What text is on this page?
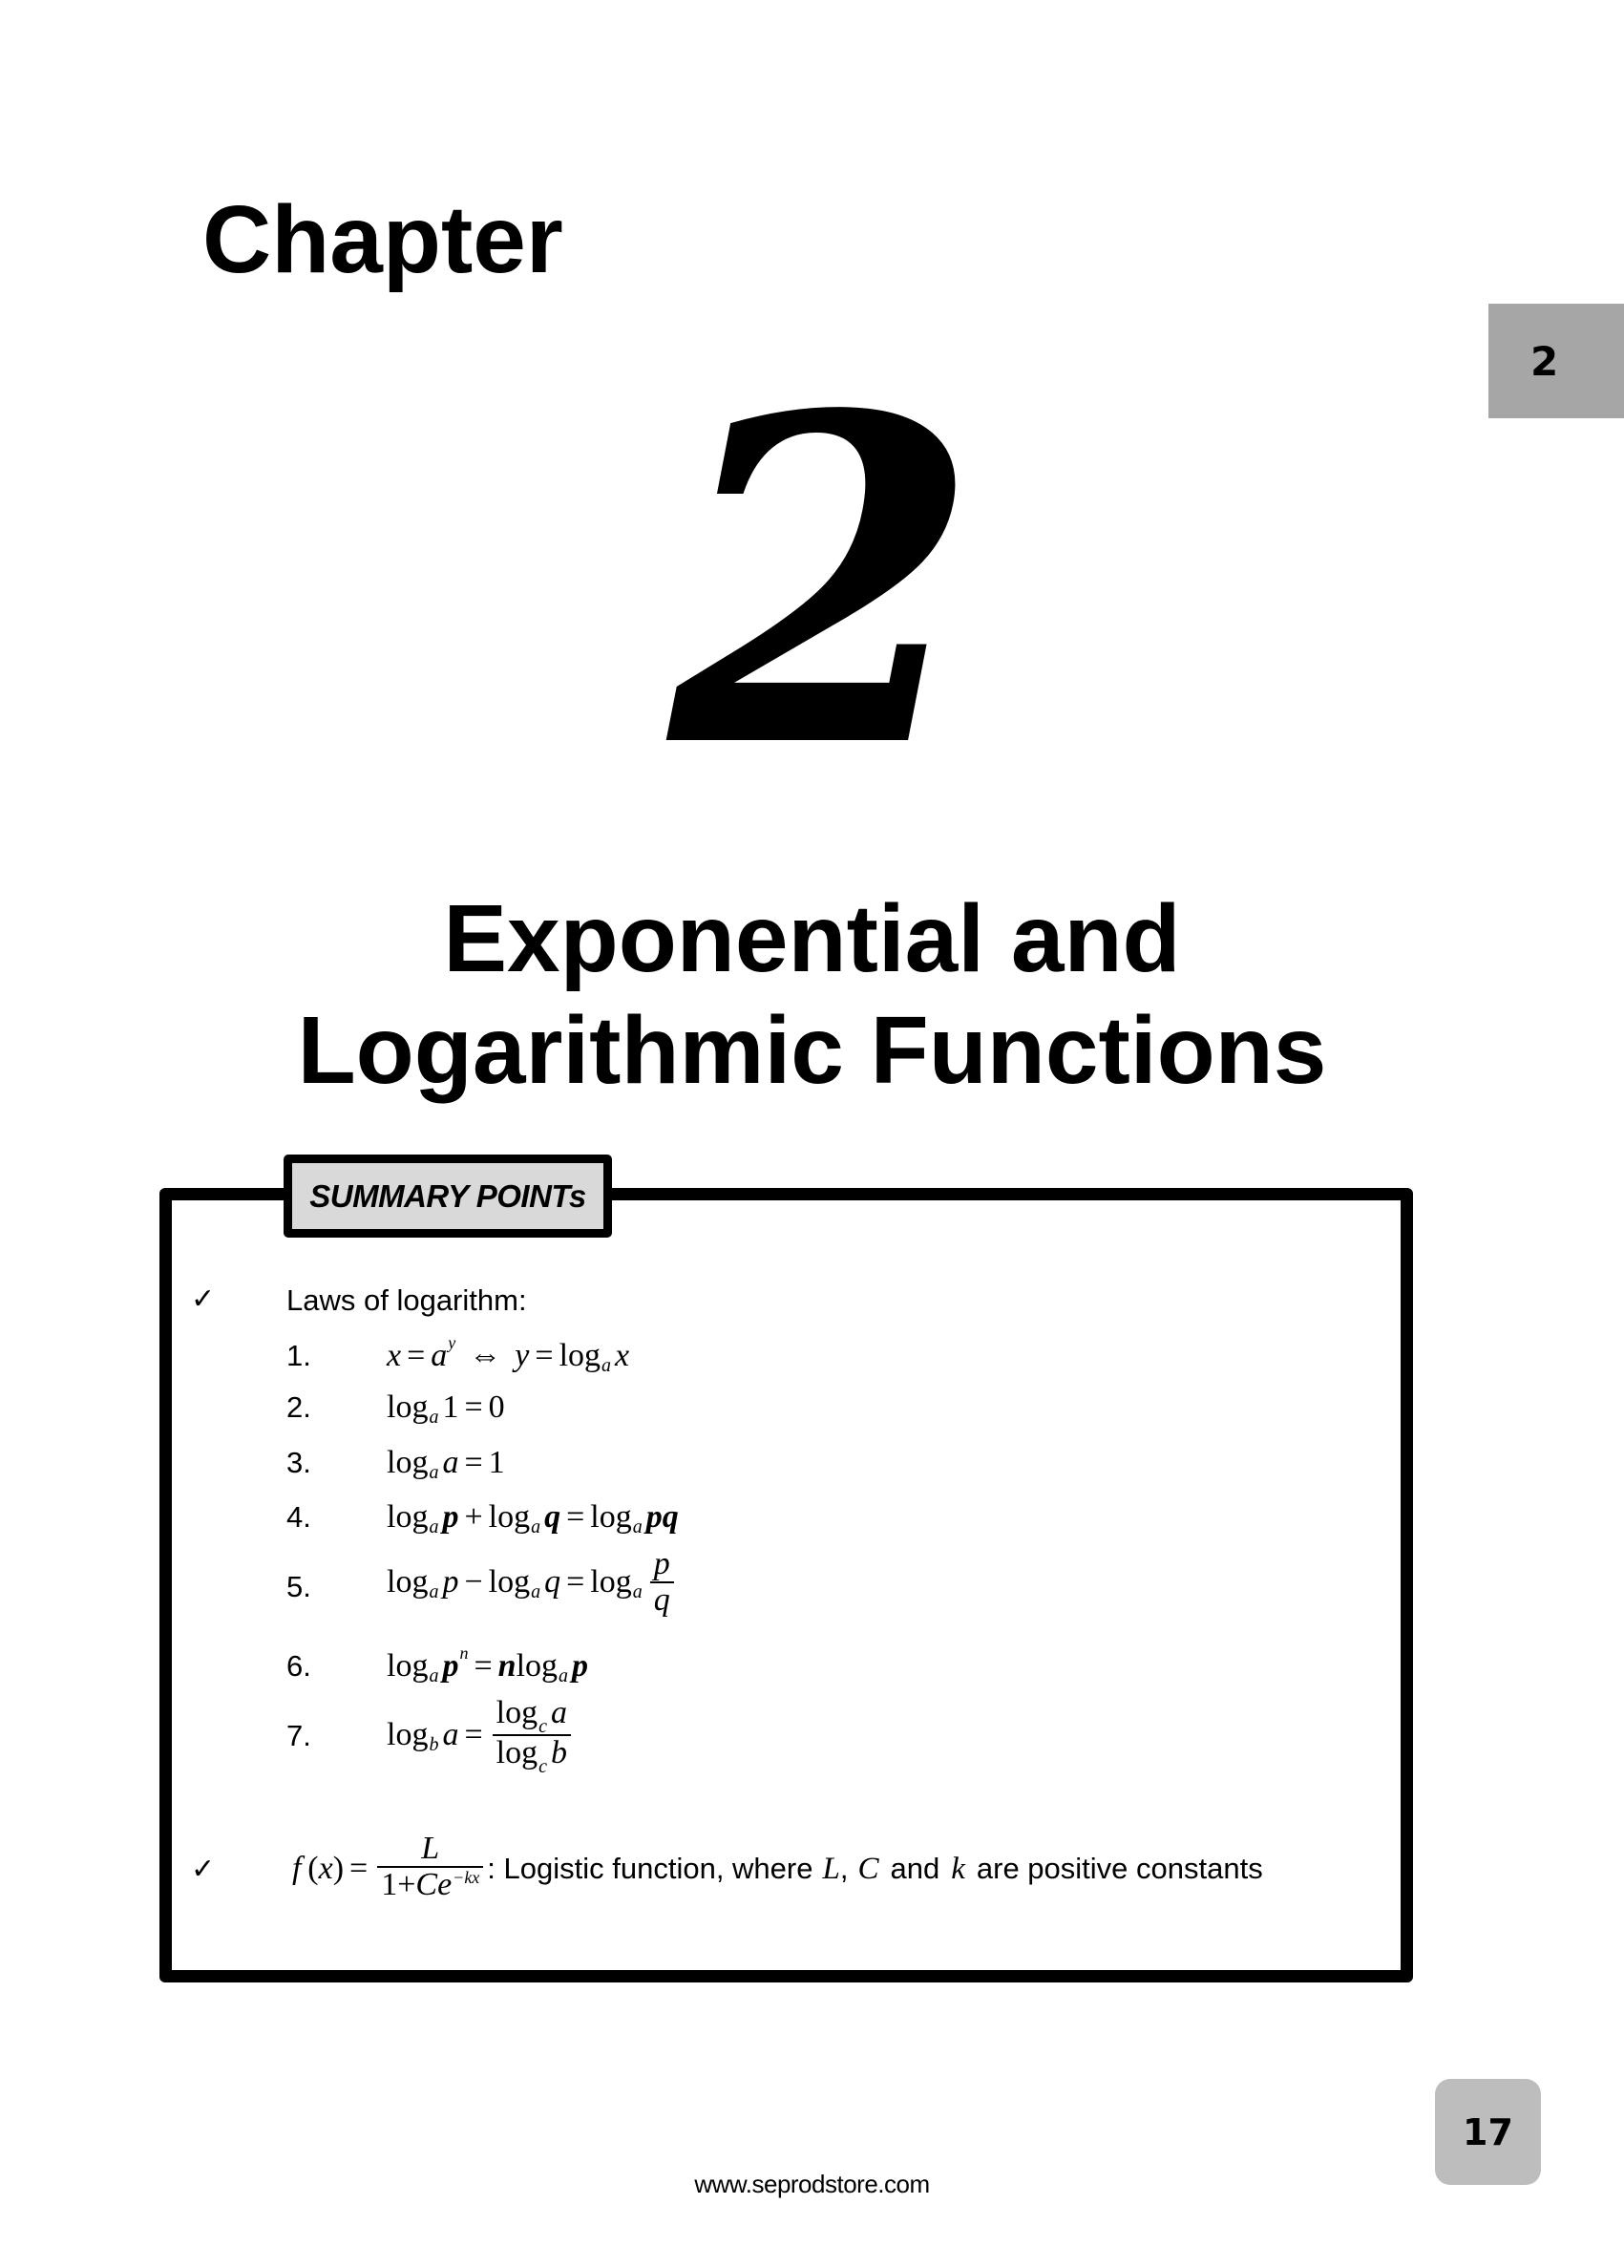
Chapter
2
2
Exponential and
Logarithmic Functions
SUMMARY POINTs
✓ Laws of logarithm:
1. x = a y ⇔ y = log a x
2. log a 1 = 0
3. log a a = 1
4. log a p + log a q = log a pq
5. log a p − log a q = log a $\frac{p}{q}$
6. log a p n = n log a p
7. log b $a = \frac{\log_c a}{\log_c b}$
✓ f  ( x ) = $\frac{L}{1+Ce^{-kx}}$ : Logistic function, where L , C and k are positive constants
17
www.seprodstore.com
